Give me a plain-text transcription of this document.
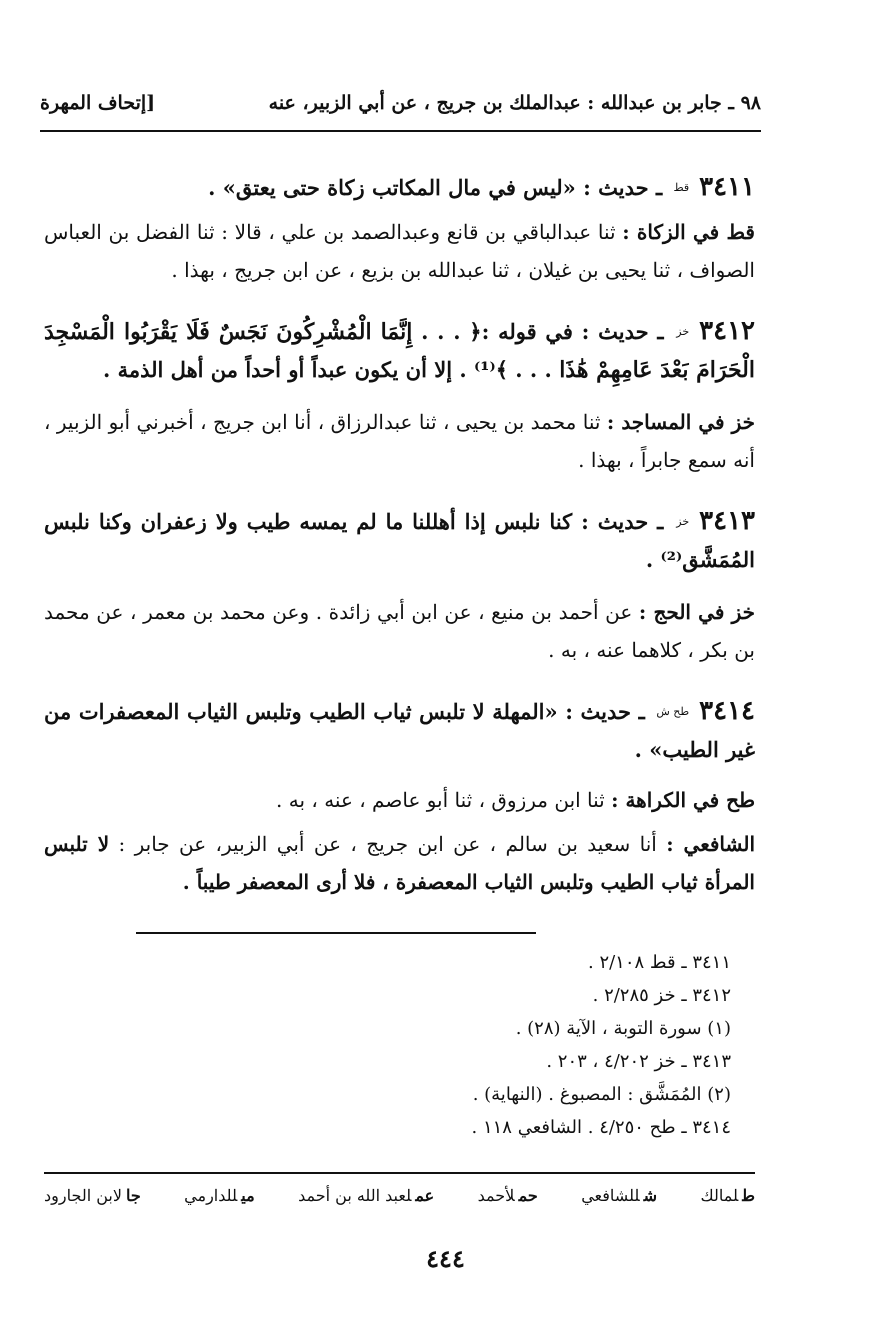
٩٨ ـ جابر بن عبدالله : عبدالملك بن جريج ، عن أبي الزبير، عنه
[إتحاف المهرة
٣٤١١قط ـ حديث : «ليس في مال المكاتب زكاة حتى يعتق» .
قط في الزكاة : ثنا عبدالباقي بن قانع وعبدالصمد بن علي ، قالا : ثنا الفضل بن العباس الصواف ، ثنا يحيى بن غيلان ، ثنا عبدالله بن بزيع ، عن ابن جريج ، بهذا .
٣٤١٢خز ـ حديث : في قوله :﴿ . . . إِنَّمَا الْمُشْرِكُونَ نَجَسٌ فَلَا يَقْرَبُوا الْمَسْجِدَ الْحَرَامَ بَعْدَ عَامِهِمْ هَٰذَا . . . ﴾⁽¹⁾ . إلا أن يكون عبداً أو أحداً من أهل الذمة .
خز في المساجد : ثنا محمد بن يحيى ، ثنا عبدالرزاق ، أنا ابن جريج ، أخبرني أبو الزبير ، أنه سمع جابراً ، بهذا .
٣٤١٣خز ـ حديث : كنا نلبس إذا أهللنا ما لم يمسه طيب ولا زعفران وكنا نلبس المُمَشَّق⁽²⁾ .
خز في الحج : عن أحمد بن منيع ، عن ابن أبي زائدة . وعن محمد بن معمر ، عن محمد بن بكر ، كلاهما عنه ، به .
٣٤١٤طح ش ـ حديث : «المهلة لا تلبس ثياب الطيب وتلبس الثياب المعصفرات من غير الطيب» .
طح في الكراهة : ثنا ابن مرزوق ، ثنا أبو عاصم ، عنه ، به .
الشافعي : أنا سعيد بن سالم ، عن ابن جريج ، عن أبي الزبير، عن جابر : لا تلبس المرأة ثياب الطيب وتلبس الثياب المعصفرة ، فلا أرى المعصفر طيباً .
٣٤١١ ـ قط ٢/١٠٨ .
٣٤١٢ ـ خز ٢/٢٨٥ .
(١) سورة التوبة ، الآية (٢٨) .
٣٤١٣ ـ خز ٤/٢٠٢ ، ٢٠٣ .
(٢) المُمَشَّق : المصبوغ . (النهاية) .
٣٤١٤ ـ طح ٤/٢٥٠ . الشافعي ١١٨ .
طلمالك
شللشافعي
حملأحمد
عملعبد الله بن أحمد
ميللدارمي
جالابن الجارود
٤٤٤
